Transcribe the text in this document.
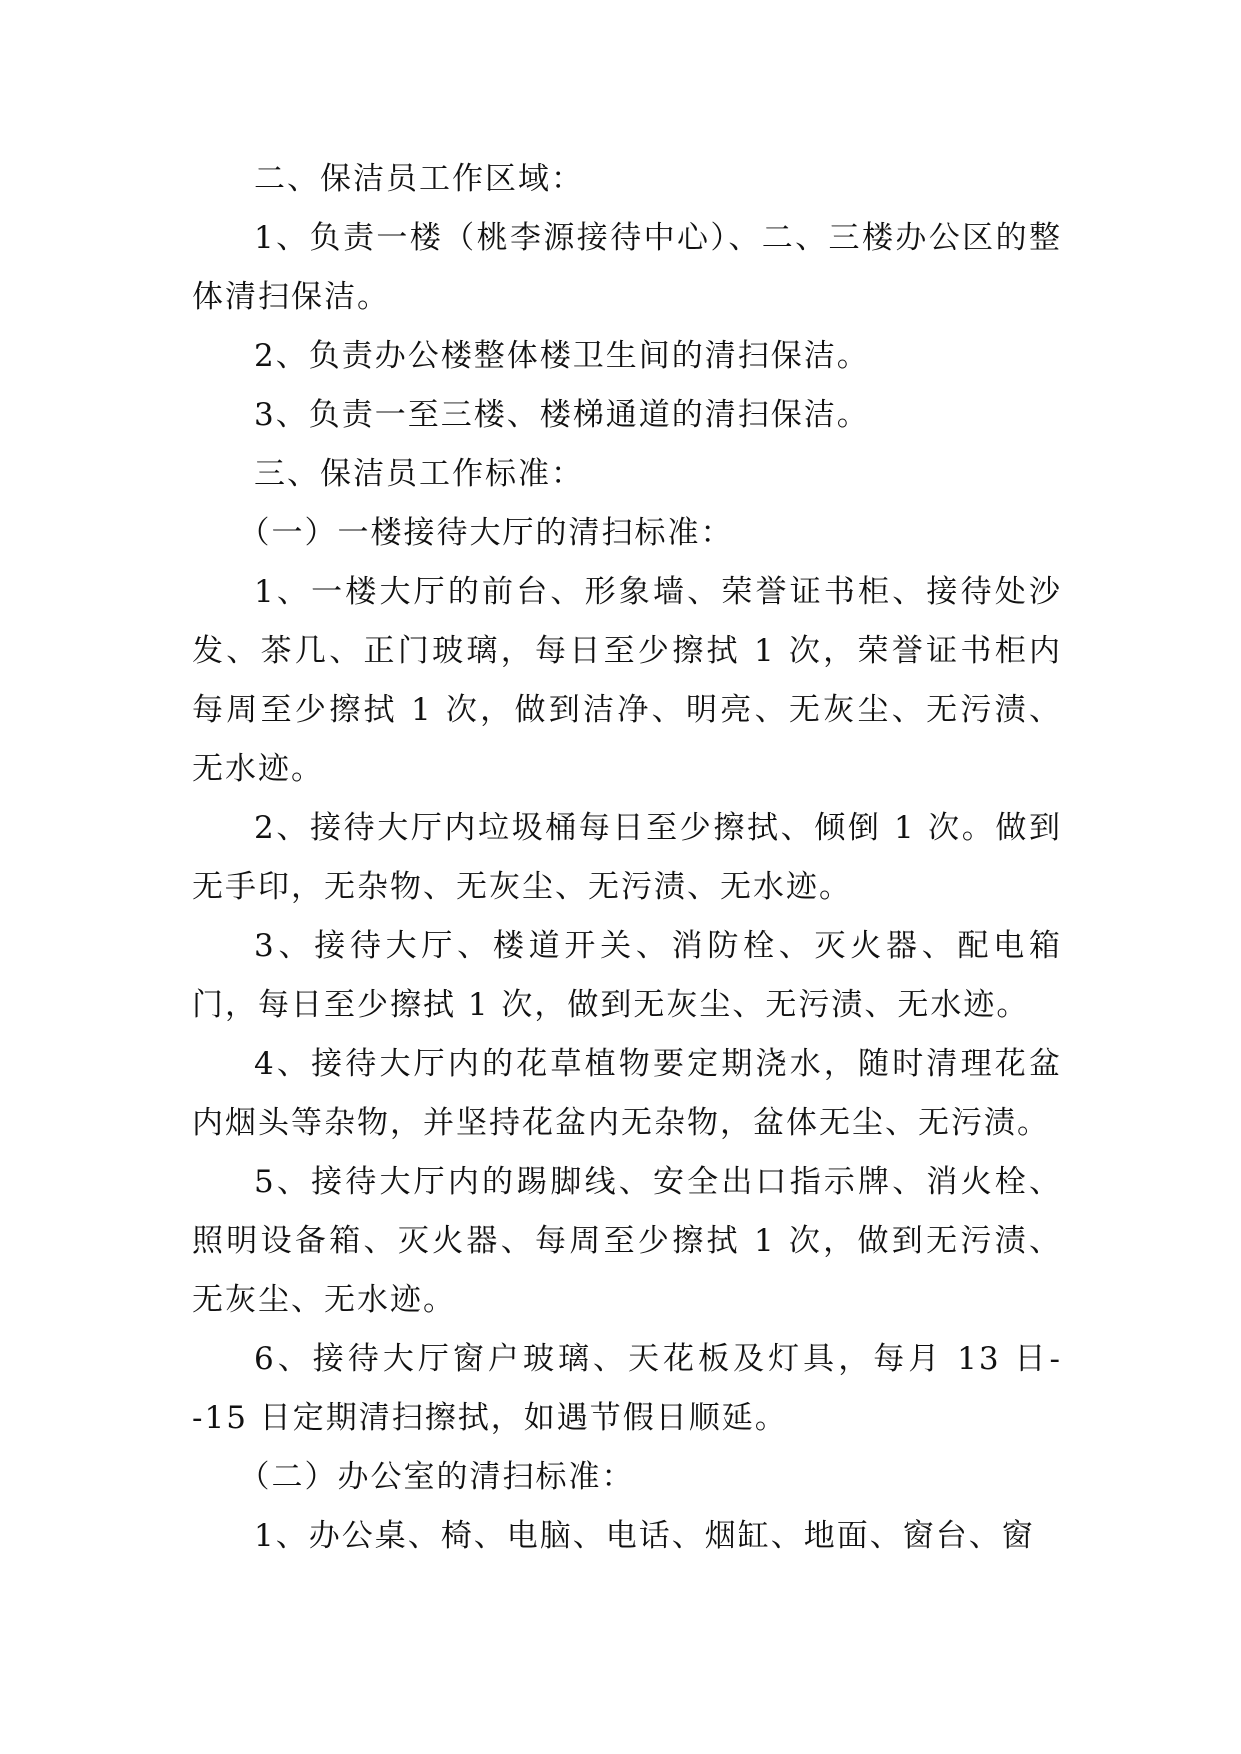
二、保洁员工作区域：

1、负责一楼（桃李源接待中心）、二、三楼办公区的整体清扫保洁。

2、负责办公楼整体楼卫生间的清扫保洁。

3、负责一至三楼、楼梯通道的清扫保洁。

三、保洁员工作标准：

（一）一楼接待大厅的清扫标准：

1、一楼大厅的前台、形象墙、荣誉证书柜、接待处沙发、茶几、正门玻璃，每日至少擦拭 1 次，荣誉证书柜内每周至少擦拭 1 次，做到洁净、明亮、无灰尘、无污渍、无水迹。

2、接待大厅内垃圾桶每日至少擦拭、倾倒 1 次。做到无手印，无杂物、无灰尘、无污渍、无水迹。

3、接待大厅、楼道开关、消防栓、灭火器、配电箱门，每日至少擦拭 1 次，做到无灰尘、无污渍、无水迹。

4、接待大厅内的花草植物要定期浇水，随时清理花盆内烟头等杂物，并坚持花盆内无杂物，盆体无尘、无污渍。

5、接待大厅内的踢脚线、安全出口指示牌、消火栓、照明设备箱、灭火器、每周至少擦拭 1 次，做到无污渍、无灰尘、无水迹。

6、接待大厅窗户玻璃、天花板及灯具，每月 13 日--15 日定期清扫擦拭，如遇节假日顺延。

（二）办公室的清扫标准：

1、办公桌、椅、电脑、电话、烟缸、地面、窗台、窗
